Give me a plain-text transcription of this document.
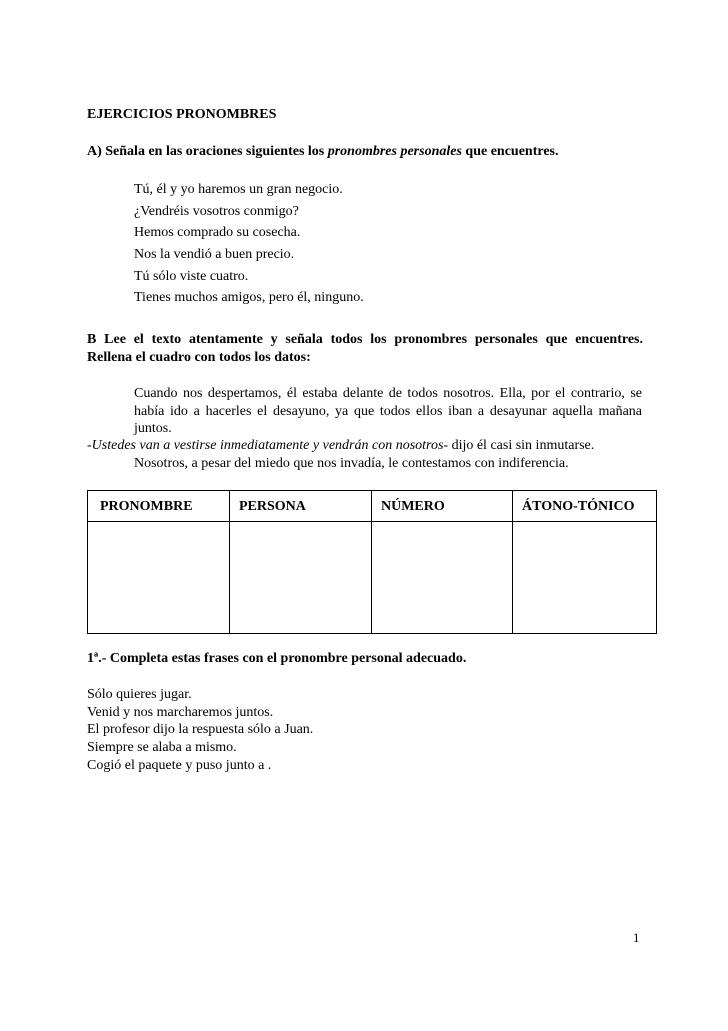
EJERCICIOS PRONOMBRES
A) Señala en las oraciones siguientes los pronombres personales que encuentres.
Tú, él y yo haremos un gran negocio.
¿Vendréis vosotros conmigo?
Hemos comprado su cosecha.
Nos la vendió a buen precio.
Tú sólo viste cuatro.
Tienes muchos amigos, pero él, ninguno.
B Lee el texto atentamente y señala todos los pronombres personales que encuentres.
Rellena el cuadro con todos los datos:
Cuando nos despertamos, él estaba delante de todos nosotros. Ella, por el contrario, se
había ido a hacerles el desayuno, ya que todos ellos iban a desayunar aquella mañana
juntos.
-Ustedes van a vestirse inmediatamente y vendrán con nosotros- dijo él casi sin inmutarse.
Nosotros, a pesar del miedo que nos invadía, le contestamos con indiferencia.
PRONOMBRE	PERSONA	NÚMERO	ÁTONO-TÓNICO
1ª.- Completa estas frases con el pronombre personal adecuado.
Sólo quieres jugar.
Venid y nos marcharemos juntos.
El profesor dijo la respuesta sólo a Juan.
Siempre se alaba a mismo.
Cogió el paquete y puso junto a .
1
